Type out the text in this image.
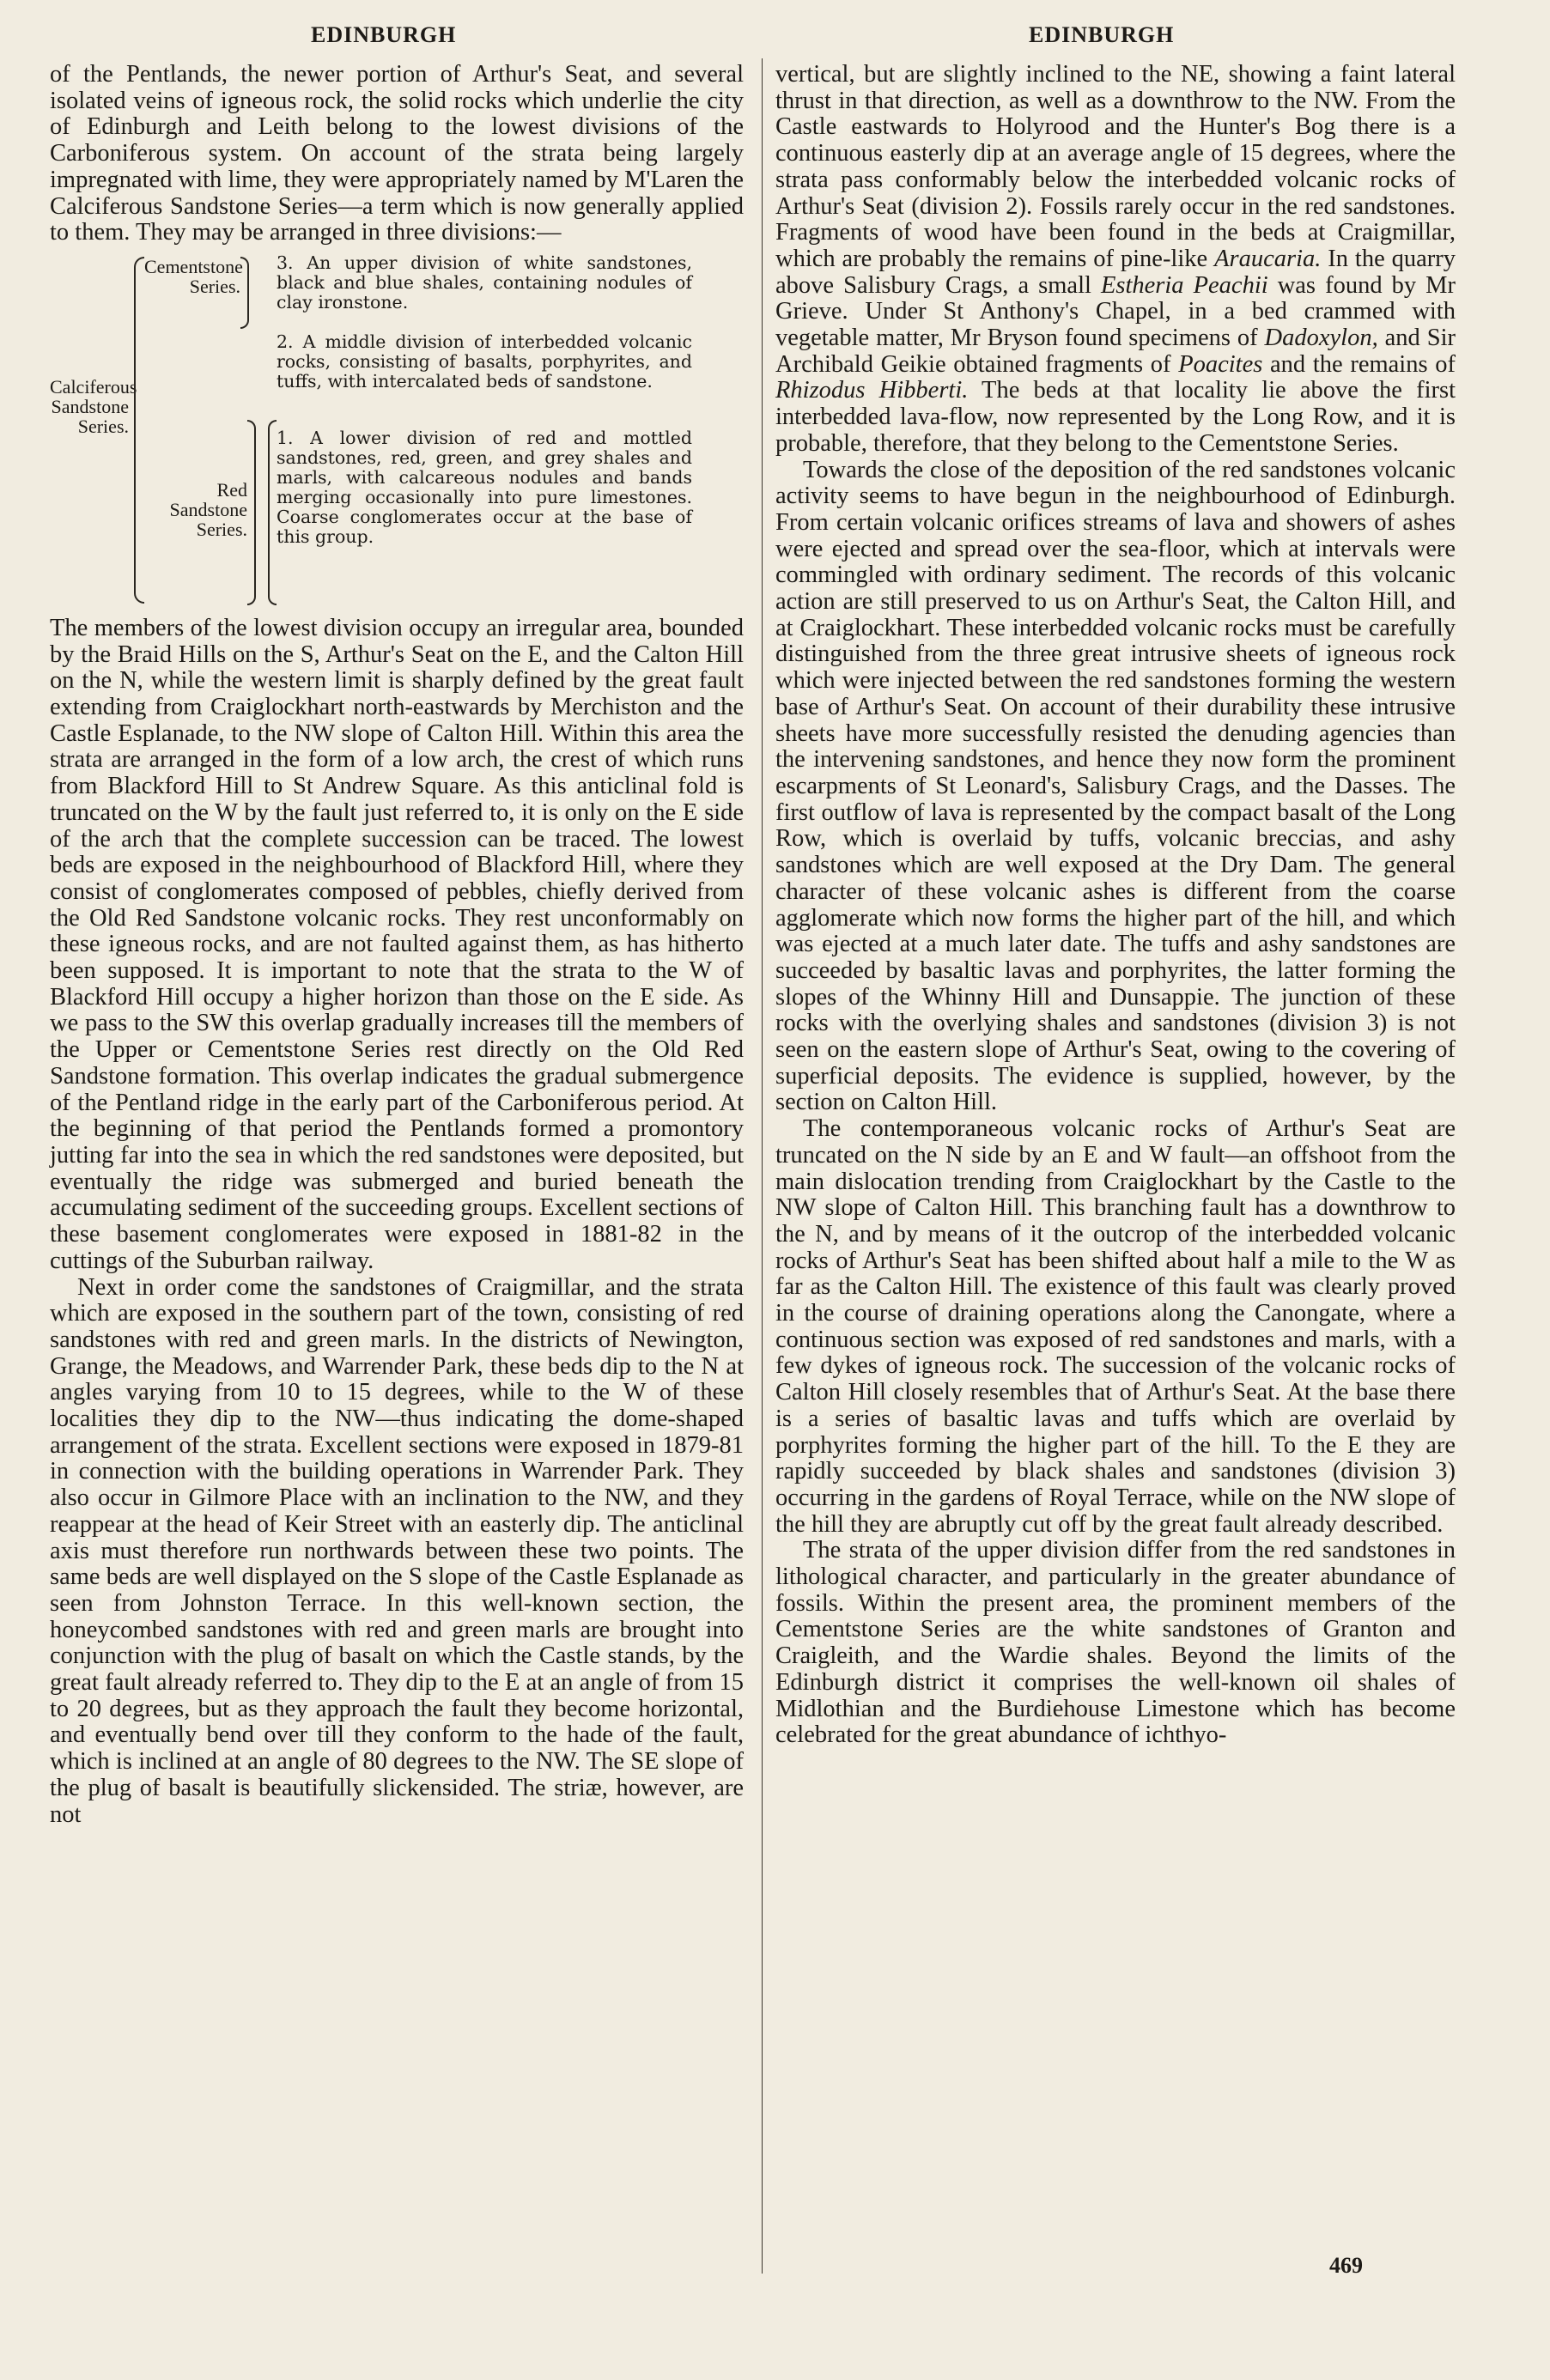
EDINBURGH	EDINBURGH

of the Pentlands, the newer portion of Arthur's Seat, and several isolated veins of igneous rock, the solid rocks which underlie the city of Edinburgh and Leith belong to the lowest divisions of the Carboniferous system. On account of the strata being largely impregnated with lime, they were appropriately named by M'Laren the Calciferous Sandstone Series—a term which is now generally applied to them. They may be arranged in three divisions:—

Calciferous Sandstone Series.
Cementstone Series.
Red Sandstone Series.
3. An upper division of white sandstones, black and blue shales, containing nodules of clay ironstone.
2. A middle division of interbedded volcanic rocks, consisting of basalts, porphyrites, and tuffs, with intercalated beds of sandstone.
1. A lower division of red and mottled sandstones, red, green, and grey shales and marls, with calcareous nodules and bands merging occasionally into pure limestones. Coarse conglomerates occur at the base of this group.

The members of the lowest division occupy an irregular area, bounded by the Braid Hills on the S, Arthur's Seat on the E, and the Calton Hill on the N, while the western limit is sharply defined by the great fault extending from Craiglockhart north-eastwards by Merchiston and the Castle Esplanade, to the NW slope of Calton Hill. Within this area the strata are arranged in the form of a low arch, the crest of which runs from Blackford Hill to St Andrew Square. As this anticlinal fold is truncated on the W by the fault just referred to, it is only on the E side of the arch that the complete succession can be traced. The lowest beds are exposed in the neighbourhood of Blackford Hill, where they consist of conglomerates composed of pebbles, chiefly derived from the Old Red Sandstone volcanic rocks. They rest unconformably on these igneous rocks, and are not faulted against them, as has hitherto been supposed. It is important to note that the strata to the W of Blackford Hill occupy a higher horizon than those on the E side. As we pass to the SW this overlap gradually increases till the members of the Upper or Cementstone Series rest directly on the Old Red Sandstone formation. This overlap indicates the gradual submergence of the Pentland ridge in the early part of the Carboniferous period. At the beginning of that period the Pentlands formed a promontory jutting far into the sea in which the red sandstones were deposited, but eventually the ridge was submerged and buried beneath the accumulating sediment of the succeeding groups. Excellent sections of these basement conglomerates were exposed in 1881-82 in the cuttings of the Suburban railway.

Next in order come the sandstones of Craigmillar, and the strata which are exposed in the southern part of the town, consisting of red sandstones with red and green marls. In the districts of Newington, Grange, the Meadows, and Warrender Park, these beds dip to the N at angles varying from 10 to 15 degrees, while to the W of these localities they dip to the NW—thus indicating the dome-shaped arrangement of the strata. Excellent sections were exposed in 1879-81 in connection with the building operations in Warrender Park. They also occur in Gilmore Place with an inclination to the NW, and they reappear at the head of Keir Street with an easterly dip. The anticlinal axis must therefore run northwards between these two points. The same beds are well displayed on the S slope of the Castle Esplanade as seen from Johnston Terrace. In this well-known section, the honeycombed sandstones with red and green marls are brought into conjunction with the plug of basalt on which the Castle stands, by the great fault already referred to. They dip to the E at an angle of from 15 to 20 degrees, but as they approach the fault they become horizontal, and eventually bend over till they conform to the hade of the fault, which is inclined at an angle of 80 degrees to the NW. The SE slope of the plug of basalt is beautifully slickensided. The striæ, however, are not

vertical, but are slightly inclined to the NE, showing a faint lateral thrust in that direction, as well as a downthrow to the NW. From the Castle eastwards to Holyrood and the Hunter's Bog there is a continuous easterly dip at an average angle of 15 degrees, where the strata pass conformably below the interbedded volcanic rocks of Arthur's Seat (division 2). Fossils rarely occur in the red sandstones. Fragments of wood have been found in the beds at Craigmillar, which are probably the remains of pine-like Araucaria. In the quarry above Salisbury Crags, a small Estheria Peachii was found by Mr Grieve. Under St Anthony's Chapel, in a bed crammed with vegetable matter, Mr Bryson found specimens of Dadoxylon, and Sir Archibald Geikie obtained fragments of Poacites and the remains of Rhizodus Hibberti. The beds at that locality lie above the first interbedded lava-flow, now represented by the Long Row, and it is probable, therefore, that they belong to the Cementstone Series.

Towards the close of the deposition of the red sandstones volcanic activity seems to have begun in the neighbourhood of Edinburgh. From certain volcanic orifices streams of lava and showers of ashes were ejected and spread over the sea-floor, which at intervals were commingled with ordinary sediment. The records of this volcanic action are still preserved to us on Arthur's Seat, the Calton Hill, and at Craiglockhart. These interbedded volcanic rocks must be carefully distinguished from the three great intrusive sheets of igneous rock which were injected between the red sandstones forming the western base of Arthur's Seat. On account of their durability these intrusive sheets have more successfully resisted the denuding agencies than the intervening sandstones, and hence they now form the prominent escarpments of St Leonard's, Salisbury Crags, and the Dasses. The first outflow of lava is represented by the compact basalt of the Long Row, which is overlaid by tuffs, volcanic breccias, and ashy sandstones which are well exposed at the Dry Dam. The general character of these volcanic ashes is different from the coarse agglomerate which now forms the higher part of the hill, and which was ejected at a much later date. The tuffs and ashy sandstones are succeeded by basaltic lavas and porphyrites, the latter forming the slopes of the Whinny Hill and Dunsappie. The junction of these rocks with the overlying shales and sandstones (division 3) is not seen on the eastern slope of Arthur's Seat, owing to the covering of superficial deposits. The evidence is supplied, however, by the section on Calton Hill.

The contemporaneous volcanic rocks of Arthur's Seat are truncated on the N side by an E and W fault—an offshoot from the main dislocation trending from Craiglockhart by the Castle to the NW slope of Calton Hill. This branching fault has a downthrow to the N, and by means of it the outcrop of the interbedded volcanic rocks of Arthur's Seat has been shifted about half a mile to the W as far as the Calton Hill. The existence of this fault was clearly proved in the course of draining operations along the Canongate, where a continuous section was exposed of red sandstones and marls, with a few dykes of igneous rock. The succession of the volcanic rocks of Calton Hill closely resembles that of Arthur's Seat. At the base there is a series of basaltic lavas and tuffs which are overlaid by porphyrites forming the higher part of the hill. To the E they are rapidly succeeded by black shales and sandstones (division 3) occurring in the gardens of Royal Terrace, while on the NW slope of the hill they are abruptly cut off by the great fault already described.

The strata of the upper division differ from the red sandstones in lithological character, and particularly in the greater abundance of fossils. Within the present area, the prominent members of the Cementstone Series are the white sandstones of Granton and Craigleith, and the Wardie shales. Beyond the limits of the Edinburgh district it comprises the well-known oil shales of Midlothian and the Burdiehouse Limestone which has become celebrated for the great abundance of ichthyo-

469
